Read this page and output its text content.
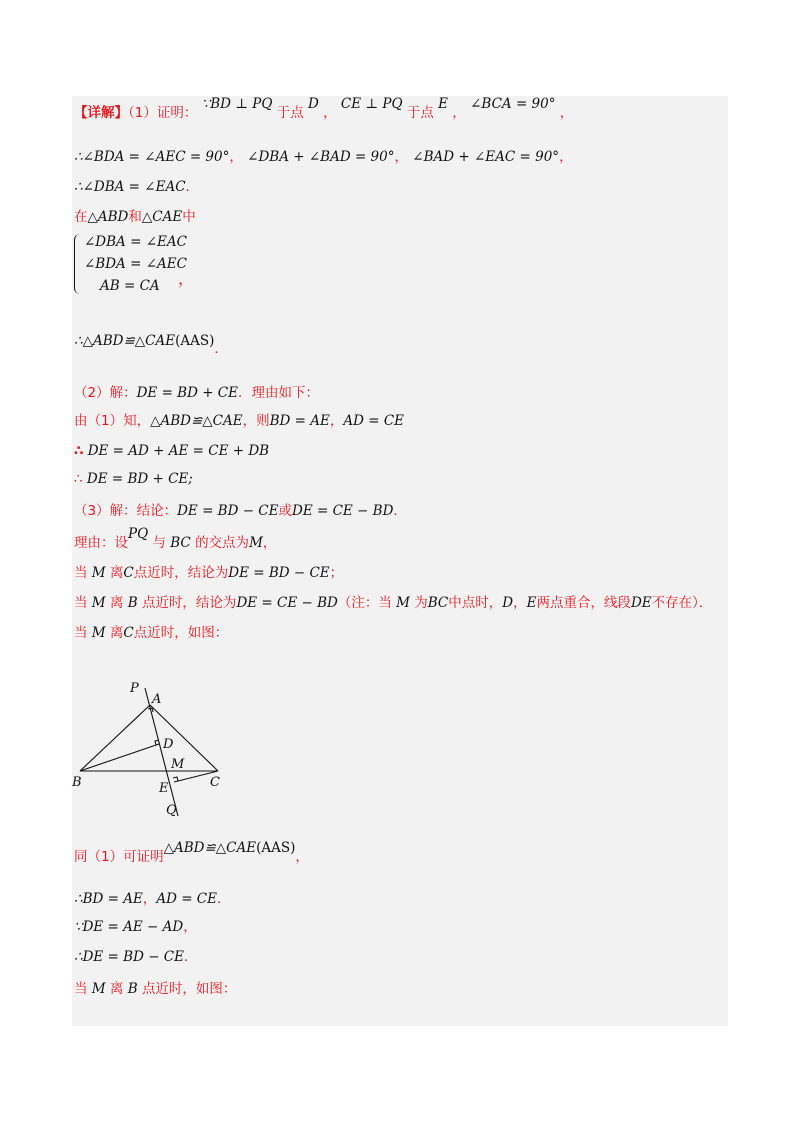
【详解】（1）证明： ∵BD ⊥ PQ 于点 D ， CE ⊥ PQ 于点 E ， ∠BCA = 90° ，
∴∠BDA = ∠AEC = 90°， ∠DBA + ∠BAD = 90°， ∠BAD + ∠EAC = 90°，
∴∠DBA = ∠EAC．
在△ABD和△CAE中
∠DBA = ∠EAC
∠BDA = ∠AEC
AB = CA ，
∴△ABD≌△CAE(AAS)．
（2）解：DE = BD + CE．理由如下：
由（1）知，△ABD≌△CAE，则BD = AE，AD = CE
∴ DE = AD + AE = CE + DB
∴ DE = BD + CE;
（3）解：结论：DE = BD − CE或DE = CE − BD．
理由：设PQ 与 BC 的交点为M，
当 M 离C点近时，结论为DE = BD − CE；
当 M 离 B 点近时，结论为DE = CE − BD（注：当 M 为BC中点时，D，E两点重合，线段DE不存在）．
当 M 离C点近时，如图：
P
A
D
M
B	C
E
Q
同（1）可证明△ABD≌△CAE(AAS)，
∴BD = AE，AD = CE．
∵DE = AE − AD，
∴DE = BD − CE．
当 M 离 B 点近时，如图：
